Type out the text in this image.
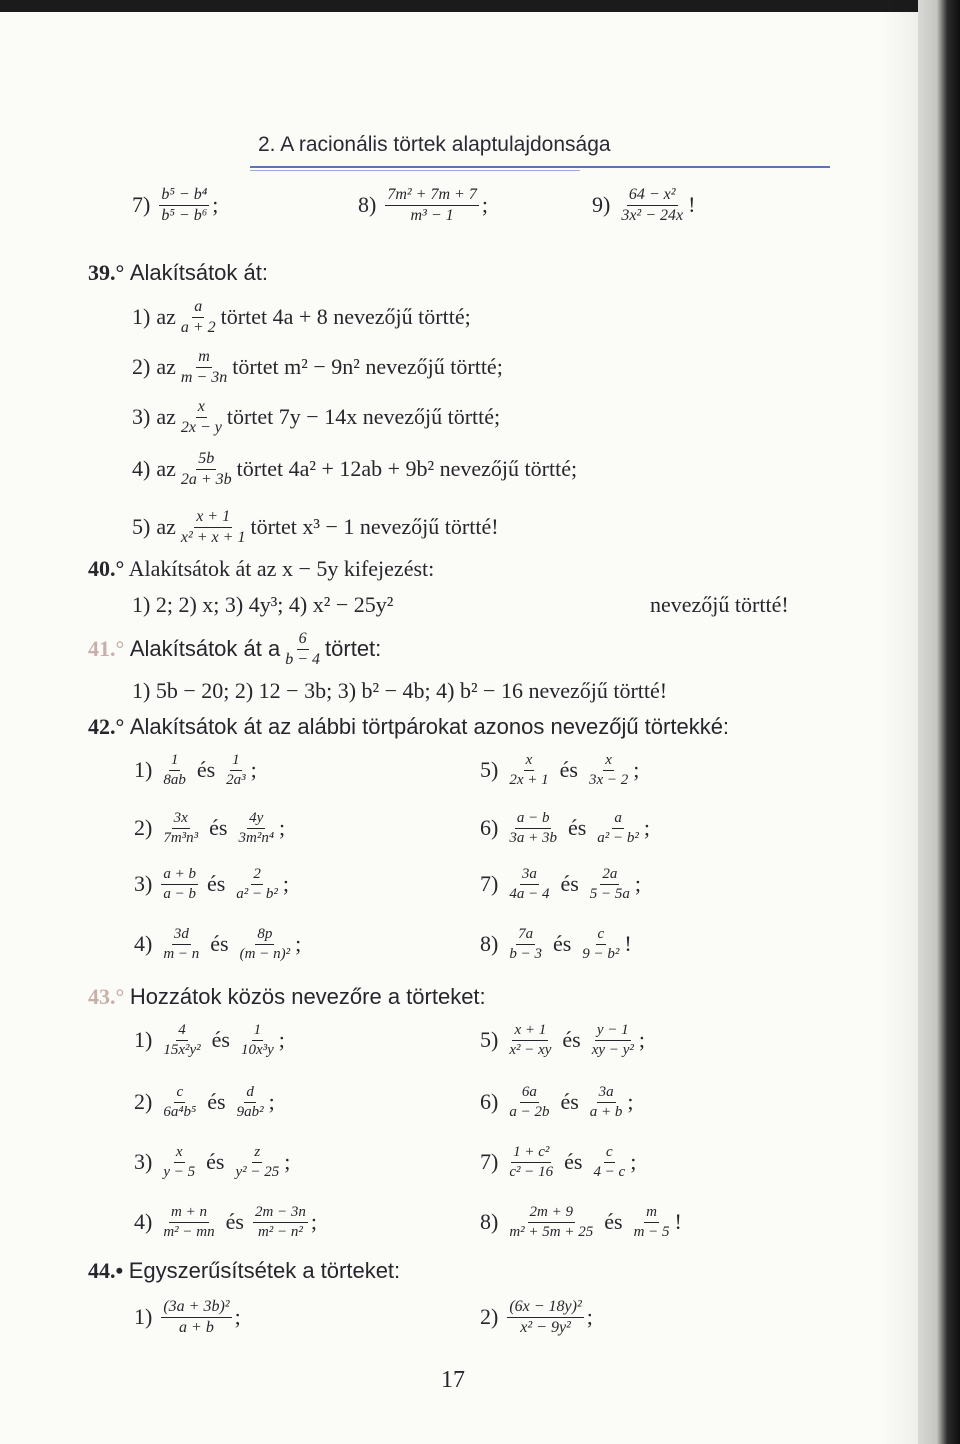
2. A racionális törtek alaptulajdonsága
7) b⁵ − b⁴
b⁵ − b⁶ ;	8) 7m² + 7m + 7
m³ − 1 ;	9) 64 − x²
3x² − 24x !
39.° Alakítsátok át:
1) az a
a + 2 törtet 4a + 8 nevezőjű törtté;
2) az m
m − 3n törtet m² − 9n² nevezőjű törtté;
3) az x
2x − y törtet 7y − 14x nevezőjű törtté;
4) az 5b
2a + 3b törtet 4a² + 12ab + 9b² nevezőjű törtté;
5) az x + 1
x² + x + 1 törtet x³ − 1 nevezőjű törtté!
40.° Alakítsátok át az x − 5y kifejezést:
1) 2; 2) x; 3) 4y³; 4) x² − 25y²	nevezőjű törtté!
41.°
Alakítsátok át a 6
b − 4 törtet:
1) 5b − 20; 2) 12 − 3b; 3) b² − 4b; 4) b² − 16 nevezőjű törtté!
42.° Alakítsátok át az alábbi törtpárokat azonos nevezőjű törtekké:
1) 1
8ab és 1
2a³ ;
2) 3x
7m³n³ és 4y
3m²n⁴ ;
3) a + b
a − b és 2
a² − b² ;
4) 3d
m − n és 8p
(m − n)² ;
5) x
2x + 1 és x
3x − 2 ;
6) a − b
3a + 3b és a
a² − b² ;
7) 3a
4a − 4 és 2a
5 − 5a ;
8) 7a
b − 3 és c
9 − b² !
43.° Hozzátok közös nevezőre a törteket:
1) 4
15x²y² és 1
10x³y ;
2) c
6a⁴b⁵ és d
9ab² ;
3) x
y − 5 és z
y² − 25 ;
4) m + n
m² − mn és 2m − 3n
m² − n² ;
5) x + 1
x² − xy és y − 1
xy − y² ;
6) 6a
a − 2b és 3a
a + b ;
7) 1 + c²
c² − 16 és c
4 − c ;
8) 2m + 9
m² + 5m + 25 és m
m − 5 !
44.• Egyszerűsítsétek a törteket:
1) (3a + 3b)²
a + b ;	2) (6x − 18y)²
x² − 9y² ;
17
